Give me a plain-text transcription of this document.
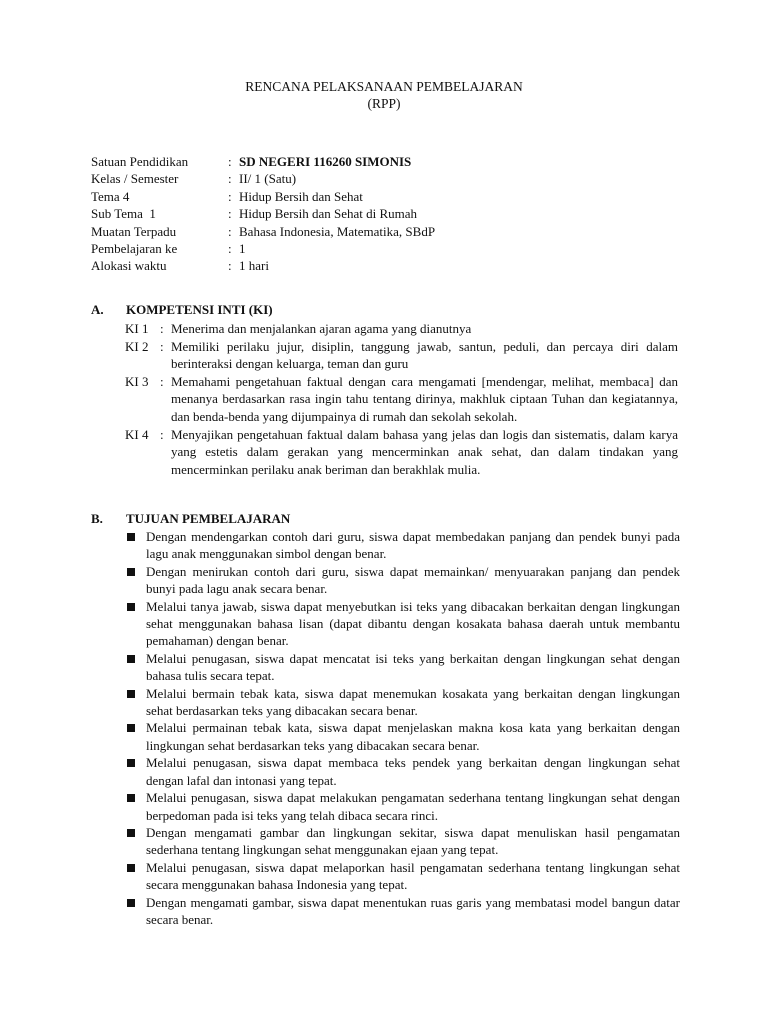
RENCANA PELAKSANAAN PEMBELAJARAN
(RPP)
Satuan Pendidikan	: SD NEGERI 116260 SIMONIS
Kelas / Semester	: II/ 1 (Satu)
Tema 4	: Hidup Bersih dan Sehat
Sub Tema  1	: Hidup Bersih dan Sehat di Rumah
Muatan Terpadu	: Bahasa Indonesia, Matematika, SBdP
Pembelajaran ke	: 1
Alokasi waktu	: 1 hari
A.	KOMPETENSI INTI (KI)
KI 1 : Menerima dan menjalankan ajaran agama yang dianutnya
KI 2 : Memiliki perilaku jujur, disiplin, tanggung jawab, santun, peduli, dan percaya diri dalam berinteraksi dengan keluarga, teman dan guru
KI 3 : Memahami pengetahuan faktual dengan cara mengamati [mendengar, melihat, membaca] dan menanya berdasarkan rasa ingin tahu tentang dirinya, makhluk ciptaan Tuhan dan kegiatannya, dan benda-benda yang dijumpainya di rumah dan sekolah sekolah.
KI 4 : Menyajikan pengetahuan faktual dalam bahasa yang jelas dan logis dan sistematis, dalam karya yang estetis dalam gerakan yang mencerminkan anak sehat, dan dalam tindakan yang mencerminkan perilaku anak beriman dan berakhlak mulia.
B.	TUJUAN PEMBELAJARAN
Dengan mendengarkan contoh dari guru, siswa dapat membedakan panjang dan pendek bunyi pada lagu anak menggunakan simbol dengan benar.
Dengan menirukan contoh dari guru, siswa dapat memainkan/ menyuarakan panjang dan pendek bunyi pada lagu anak secara benar.
Melalui tanya jawab, siswa dapat menyebutkan isi teks yang dibacakan berkaitan dengan lingkungan sehat menggunakan bahasa lisan (dapat dibantu dengan kosakata bahasa daerah untuk membantu pemahaman) dengan benar.
Melalui penugasan, siswa dapat mencatat isi teks yang berkaitan dengan lingkungan sehat dengan bahasa tulis secara tepat.
Melalui bermain tebak kata, siswa dapat menemukan kosakata yang berkaitan dengan lingkungan sehat berdasarkan teks yang dibacakan secara benar.
Melalui permainan tebak kata, siswa dapat menjelaskan makna kosa kata yang berkaitan dengan lingkungan sehat berdasarkan teks yang dibacakan secara benar.
Melalui penugasan, siswa dapat membaca teks pendek yang berkaitan dengan lingkungan sehat dengan lafal dan intonasi yang tepat.
Melalui penugasan, siswa dapat melakukan pengamatan sederhana tentang lingkungan sehat dengan berpedoman pada isi teks yang telah dibaca secara rinci.
Dengan mengamati gambar dan lingkungan sekitar, siswa dapat menuliskan hasil pengamatan sederhana tentang lingkungan sehat menggunakan ejaan yang tepat.
Melalui penugasan, siswa dapat melaporkan hasil pengamatan sederhana tentang lingkungan sehat secara menggunakan bahasa Indonesia yang tepat.
Dengan mengamati gambar, siswa dapat menentukan ruas garis yang membatasi model bangun datar secara benar.
